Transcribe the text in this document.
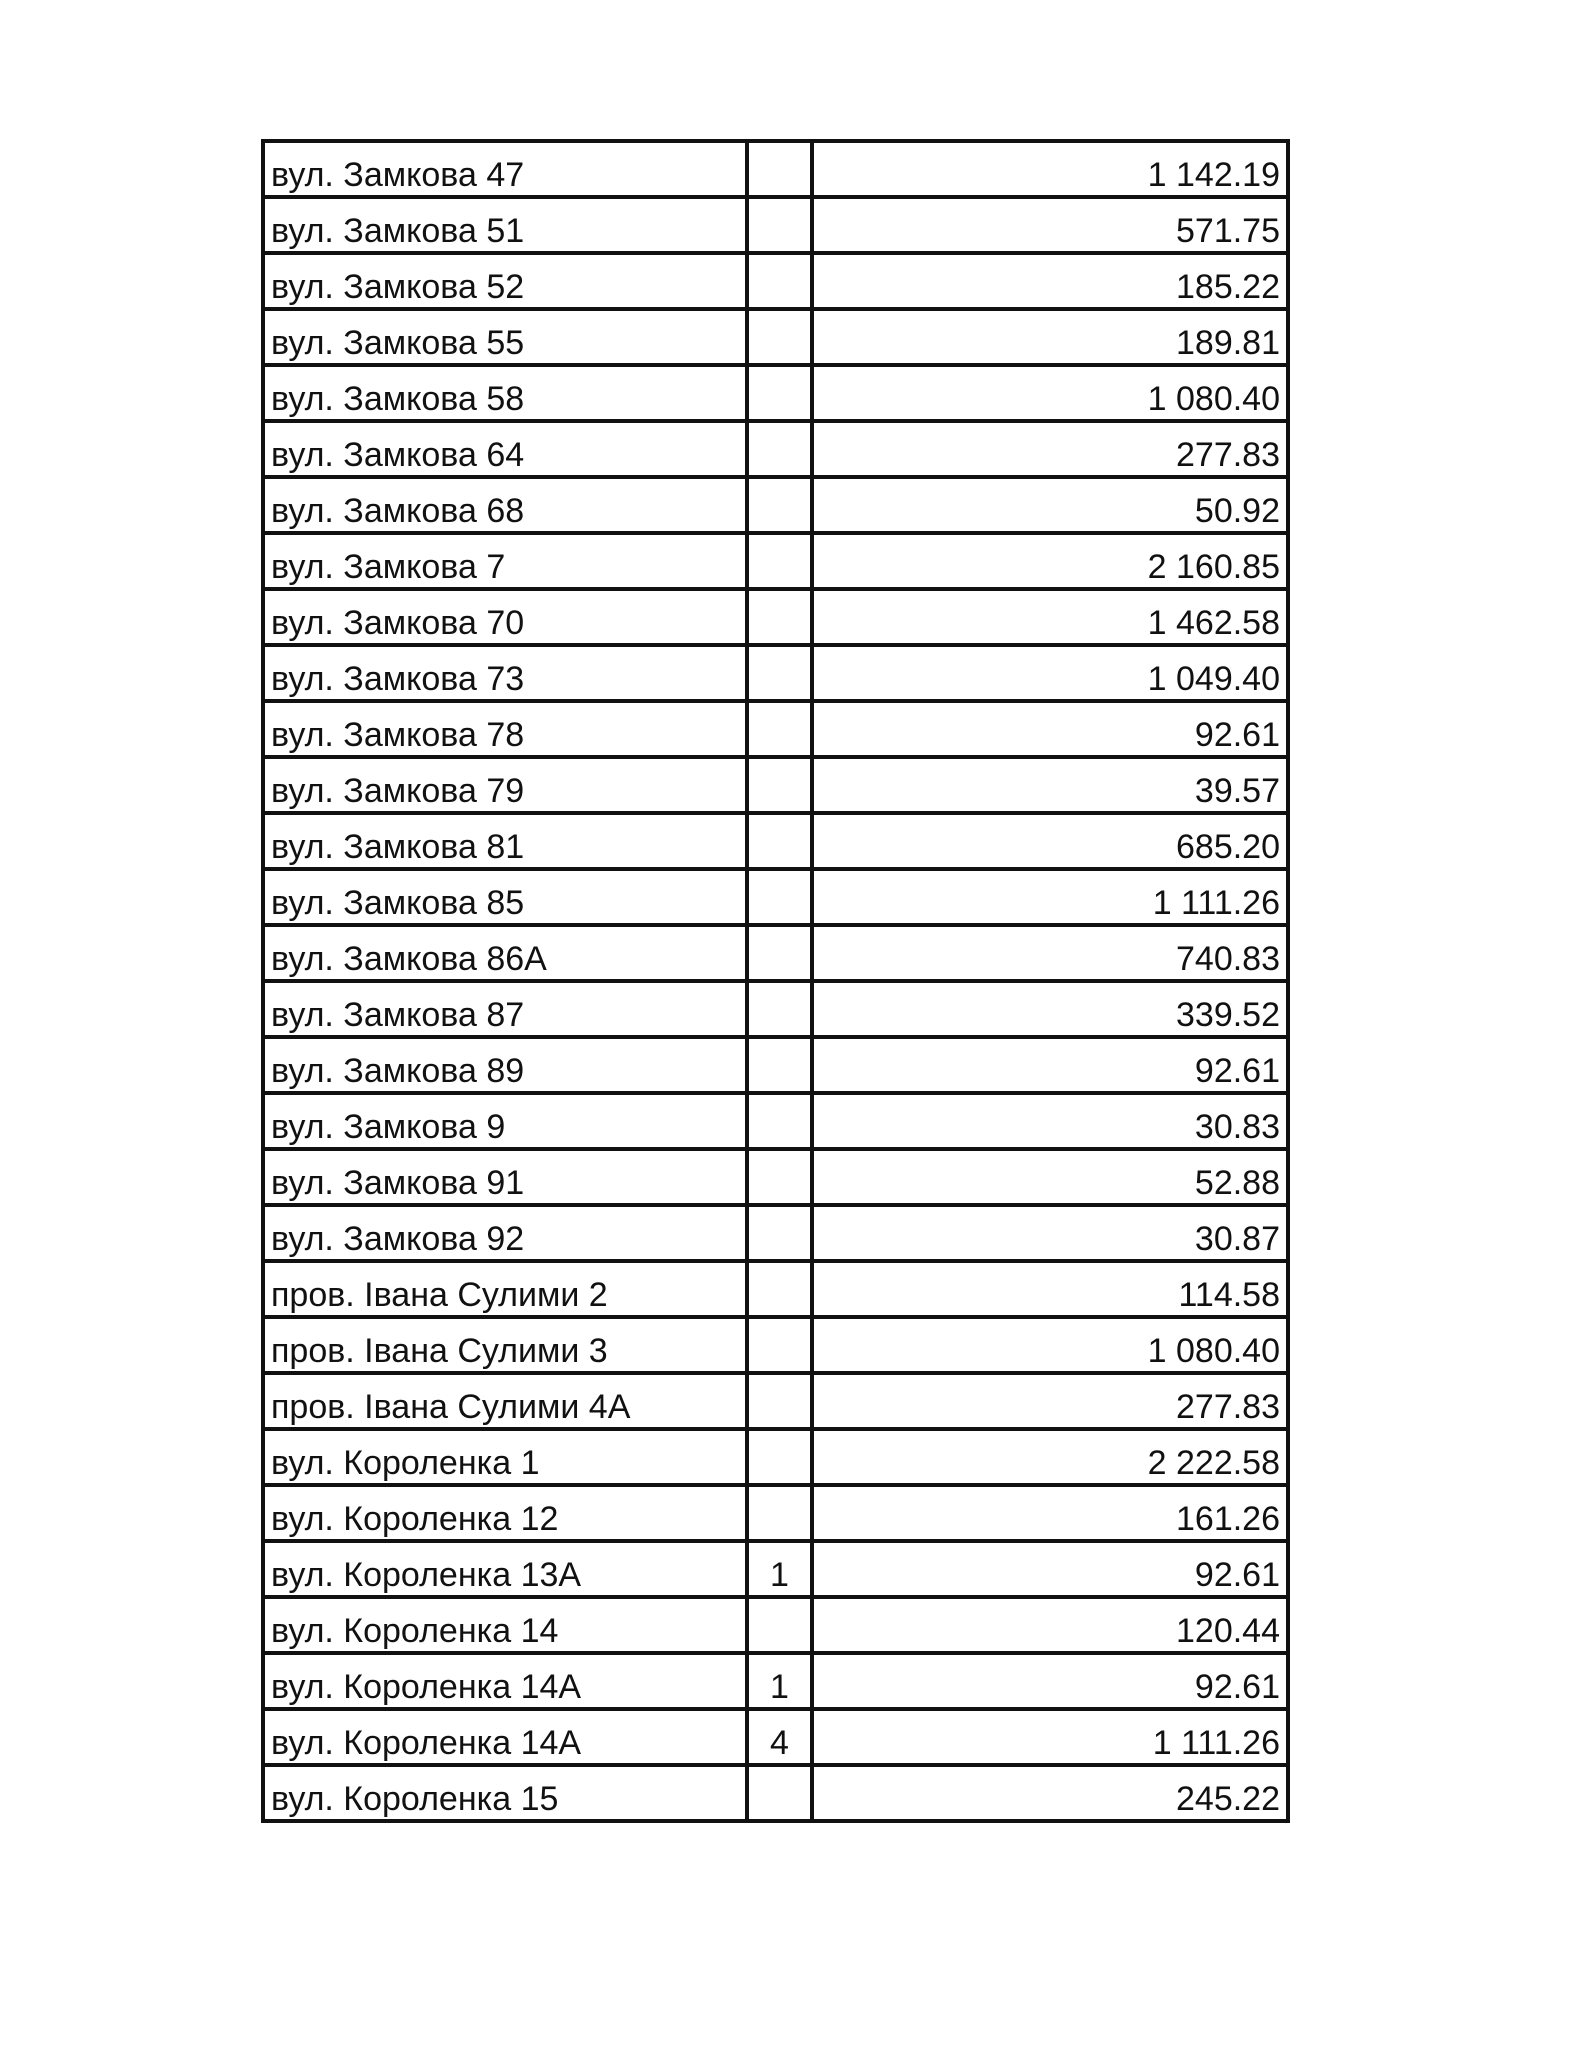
вул. Замкова 47		1 142.19
вул. Замкова 51		571.75
вул. Замкова 52		185.22
вул. Замкова 55		189.81
вул. Замкова 58		1 080.40
вул. Замкова 64		277.83
вул. Замкова 68		50.92
вул. Замкова 7		2 160.85
вул. Замкова 70		1 462.58
вул. Замкова 73		1 049.40
вул. Замкова 78		92.61
вул. Замкова 79		39.57
вул. Замкова 81		685.20
вул. Замкова 85		1 111.26
вул. Замкова 86А		740.83
вул. Замкова 87		339.52
вул. Замкова 89		92.61
вул. Замкова 9		30.83
вул. Замкова 91		52.88
вул. Замкова 92		30.87
пров. Івана Сулими 2		114.58
пров. Івана Сулими 3		1 080.40
пров. Івана Сулими 4А		277.83
вул. Короленка 1		2 222.58
вул. Короленка 12		161.26
вул. Короленка 13А	1	92.61
вул. Короленка 14		120.44
вул. Короленка 14А	1	92.61
вул. Короленка 14А	4	1 111.26
вул. Короленка 15		245.22
